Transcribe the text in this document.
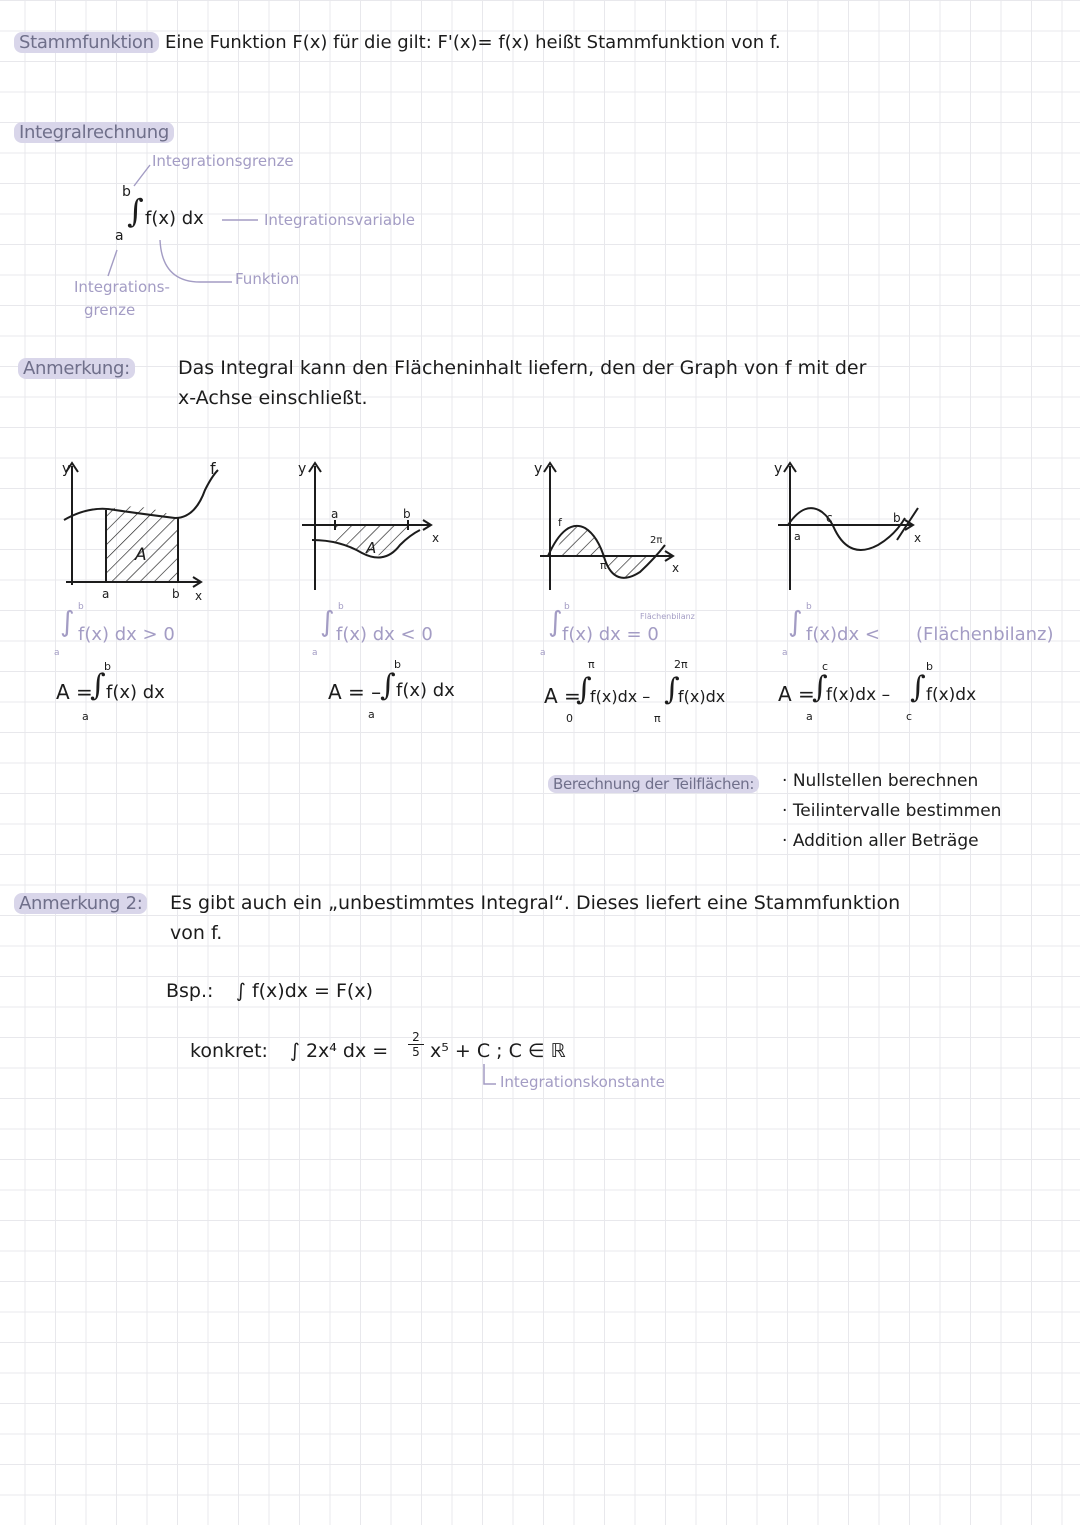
Stammfunktion Eine Funktion F(x) für die gilt: F'(x)= f(x) heißt Stammfunktion von f.
Integralrechnung
b
∫
a
f(x) dx
Integrationsgrenze
Integrationsvariable
Funktion
Integrations-
grenze
Anmerkung:	Das Integral kann den Flächeninhalt liefern, den der Graph von f mit der
x-Achse einschließt.
y	f
a	b x
A
y
a	b
x
A
y
f
π
2π
x
y
a
c	b
x
∫ b
a
f(x) dx > 0	∫ b
a
f(x) dx < 0	∫ b
a
f(x) dx = 0
Flächenbilanz	∫ b
a
f(x)dx < (Flächenbilanz)
A =
∫
b
a
f(x) dx	A = –
∫
b
a
f(x) dx	A =
∫
π
0
f(x)dx – ∫
2π
π
f(x)dx	A =
∫
c
a
f(x)dx – ∫
b
c
f(x)dx
Berechnung der Teilflächen: · Nullstellen berechnen
· Teilintervalle bestimmen
· Addition aller Beträge
Anmerkung 2: Es gibt auch ein „unbestimmtes Integral“. Dieses liefert eine Stammfunktion
von f.
Bsp.: ∫ f(x)dx = F(x)
konkret: ∫ 2x⁴ dx = $\frac{2}{5} x^5 + C$ ; C ∈ ℝ
Integrationskonstante
